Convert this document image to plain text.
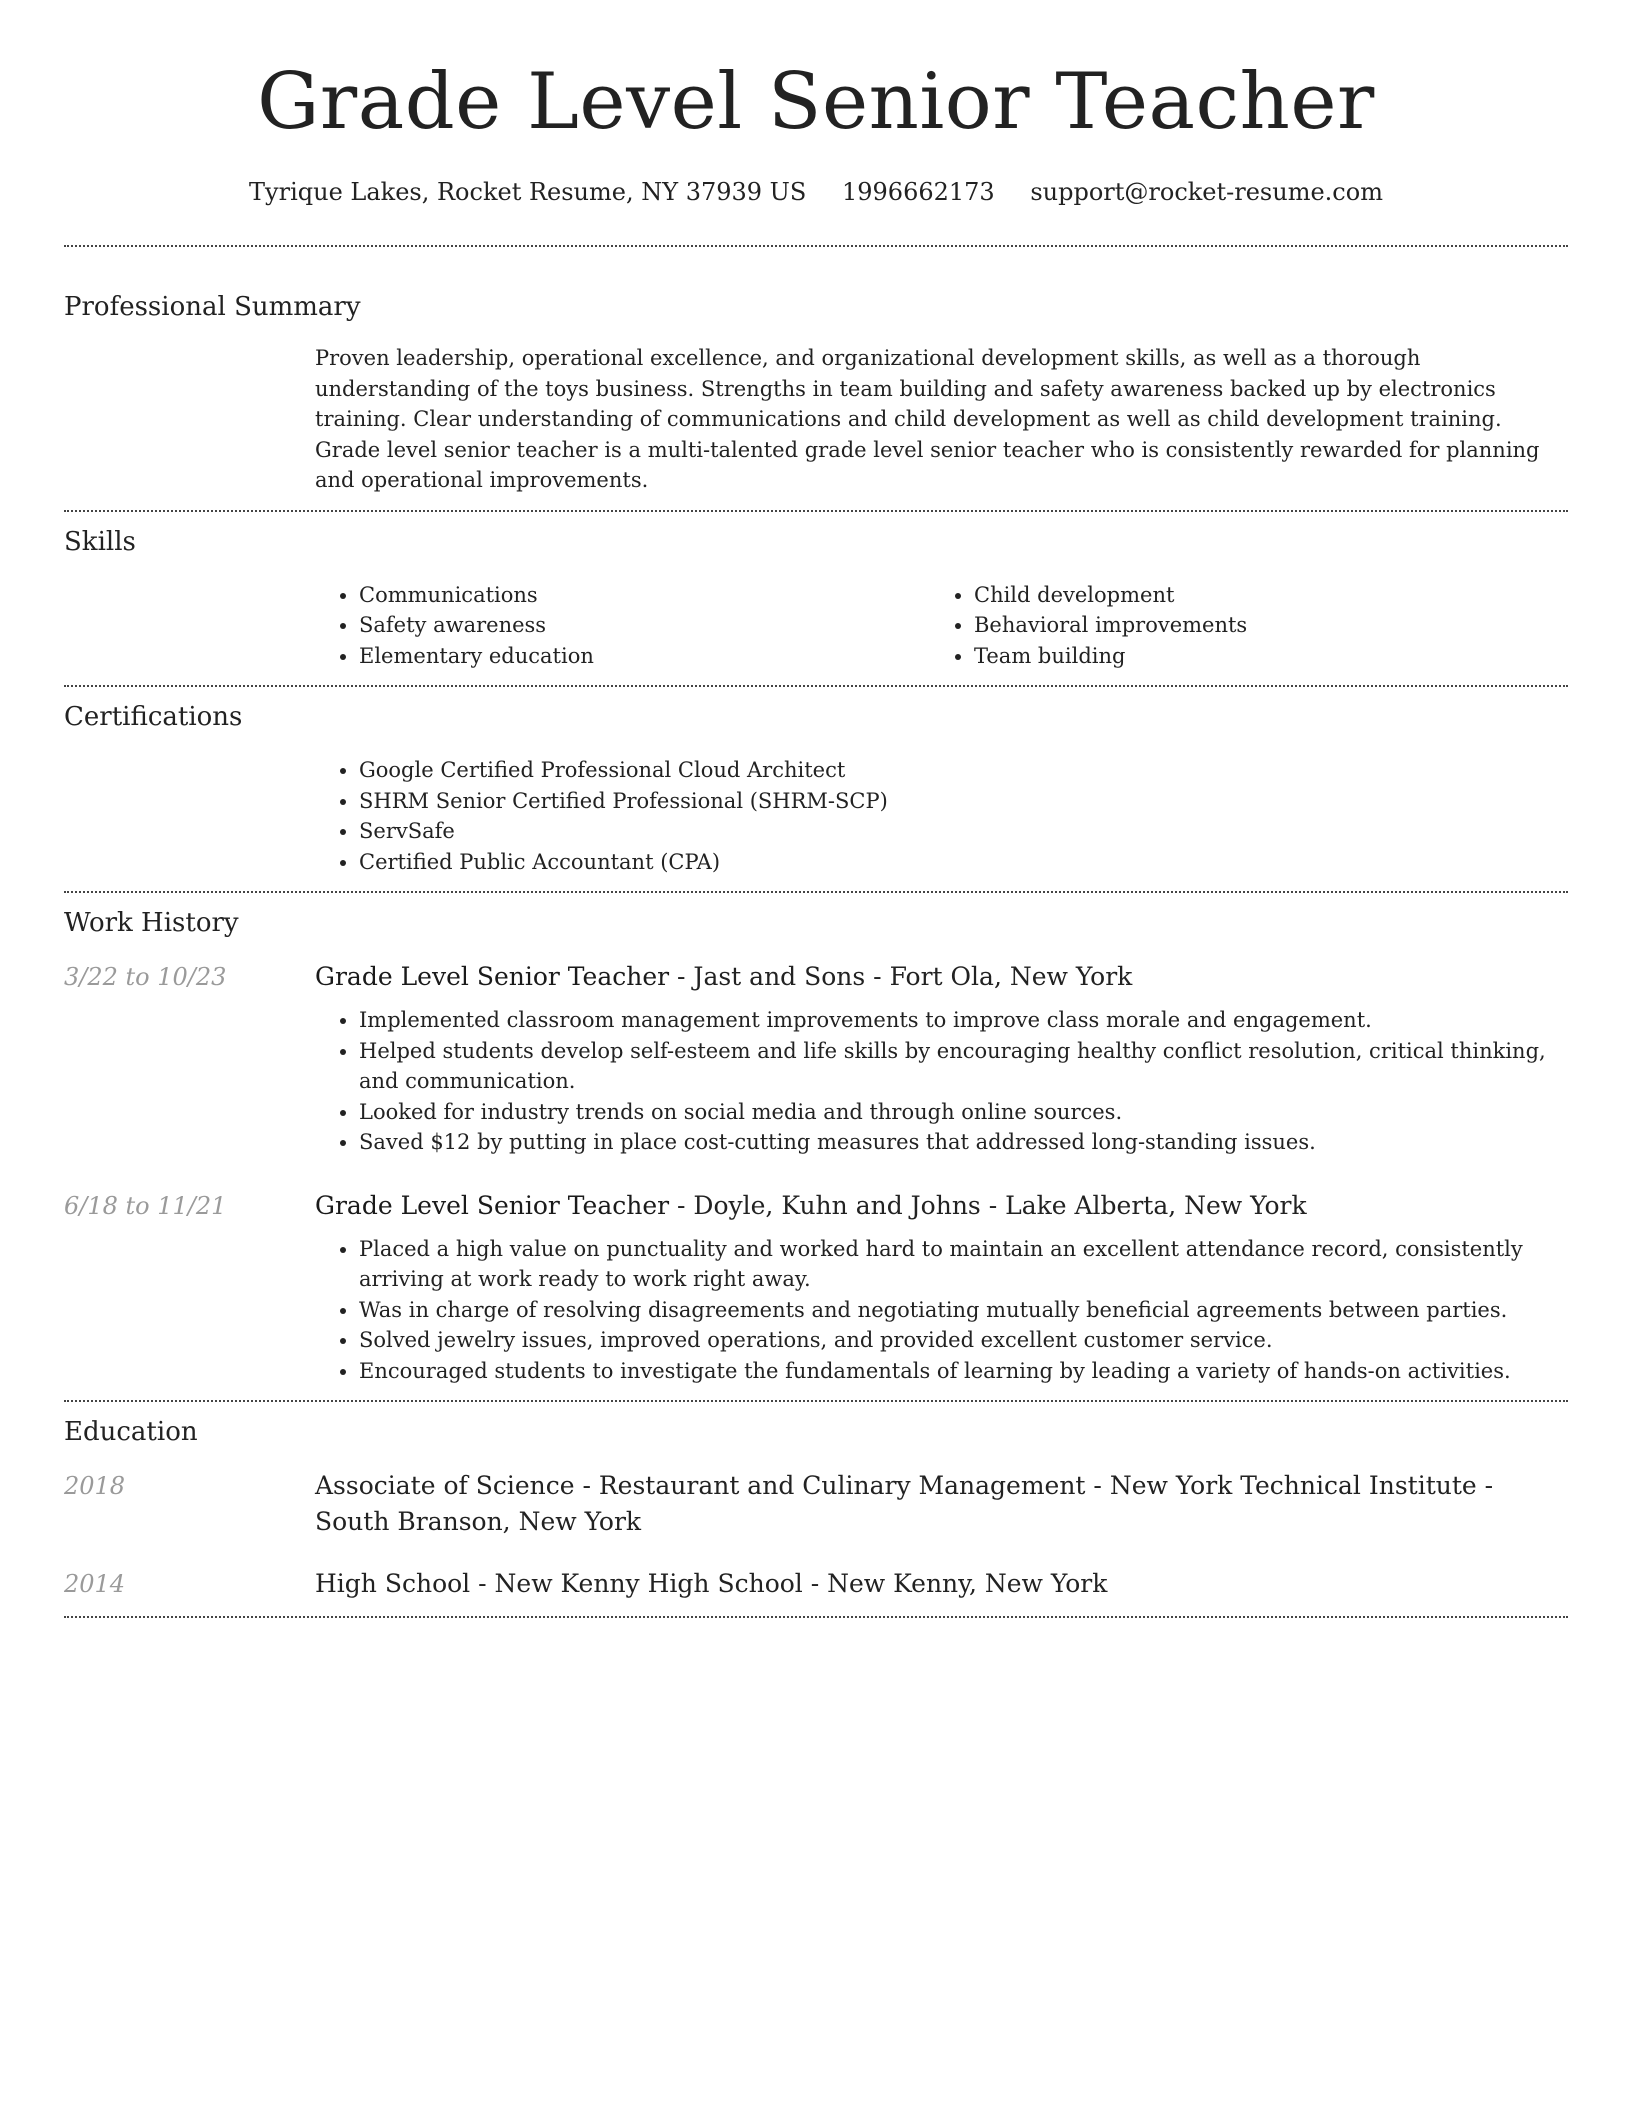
Grade Level Senior Teacher
Tyrique Lakes, Rocket Resume, NY 37939 US 1996662173 support@rocket-resume.com
Professional Summary

Proven leadership, operational excellence, and organizational development skills, as well as a thorough understanding of the toys business. Strengths in team building and safety awareness backed up by electronics training. Clear understanding of communications and child development as well as child development training. Grade level senior teacher is a multi-talented grade level senior teacher who is consistently rewarded for planning and operational improvements.

Skills
• Communications
• Safety awareness
• Elementary education
• Child development
• Behavioral improvements
• Team building
Certifications
• Google Certified Professional Cloud Architect
• SHRM Senior Certified Professional (SHRM-SCP)
• ServSafe
• Certified Public Accountant (CPA)
Work History
3/22 to 10/23	Grade Level Senior Teacher - Jast and Sons - Fort Ola, New York
• Implemented classroom management improvements to improve class morale and engagement.
• Helped students develop self-esteem and life skills by encouraging healthy conflict resolution, critical thinking, and communication.
• Looked for industry trends on social media and through online sources.
• Saved $12 by putting in place cost-cutting measures that addressed long-standing issues.
6/18 to 11/21	Grade Level Senior Teacher - Doyle, Kuhn and Johns - Lake Alberta, New York
• Placed a high value on punctuality and worked hard to maintain an excellent attendance record, consistently arriving at work ready to work right away.
• Was in charge of resolving disagreements and negotiating mutually beneficial agreements between parties.
• Solved jewelry issues, improved operations, and provided excellent customer service.
• Encouraged students to investigate the fundamentals of learning by leading a variety of hands-on activities.
Education
2018	Associate of Science - Restaurant and Culinary Management - New York Technical Institute - South Branson, New York
2014	High School - New Kenny High School - New Kenny, New York
